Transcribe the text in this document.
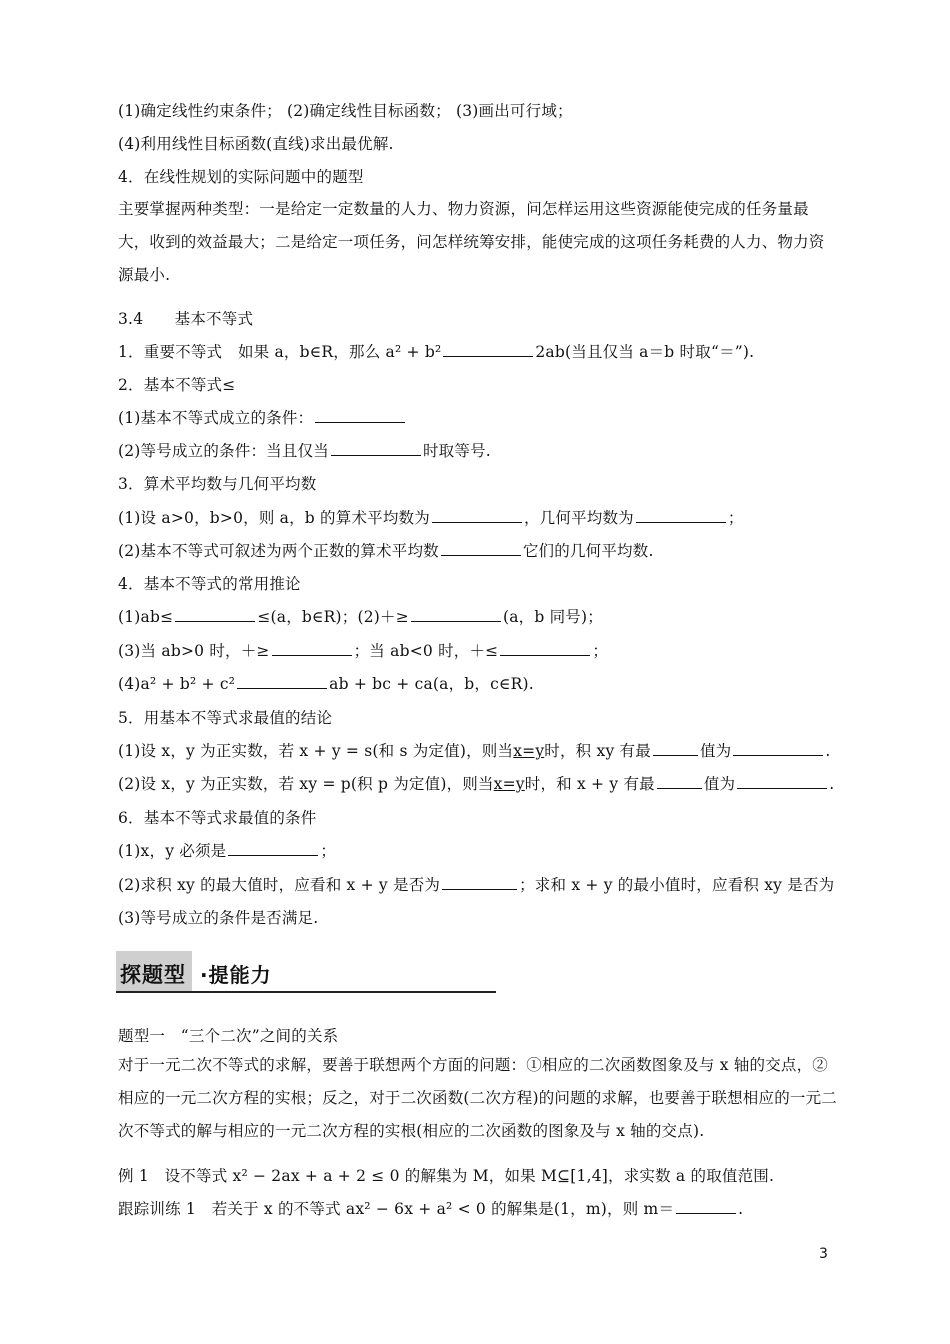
(1)确定线性约束条件； (2)确定线性目标函数； (3)画出可行域；
(4)利用线性目标函数(直线)求出最优解.
4．在线性规划的实际问题中的题型
主要掌握两种类型：一是给定一定数量的人力、物力资源，问怎样运用这些资源能使完成的任务量最大，收到的效益最大；二是给定一项任务，问怎样统筹安排，能使完成的这项任务耗费的人力、物力资源最小.
3.4　　基本不等式
1．重要不等式　如果 a，b∈R，那么 a² + b²	2ab(当且仅当 a＝b 时取“＝”).
2．基本不等式≤
(1)基本不等式成立的条件：
(2)等号成立的条件：当且仅当	时取等号.
3．算术平均数与几何平均数
(1)设 a>0，b>0，则 a，b 的算术平均数为	，几何平均数为	；
(2)基本不等式可叙述为两个正数的算术平均数	它们的几何平均数.
4．基本不等式的常用推论
(1)ab≤	≤(a，b∈R)；(2)＋≥	(a，b 同号)；
(3)当 ab>0 时，＋≥	；当 ab<0 时，＋≤	；
(4)a² + b² + c²	ab + bc + ca(a，b，c∈R).
5．用基本不等式求最值的结论
(1)设 x，y 为正实数，若 x + y = s(和 s 为定值)，则当x=y时，积 xy 有最	值为	.
(2)设 x，y 为正实数，若 xy = p(积 p 为定值)，则当x=y时，和 x + y 有最	值为	.
6．基本不等式求最值的条件
(1)x，y 必须是	；
(2)求积 xy 的最大值时，应看和 x + y 是否为	；求和 x + y 的最小值时，应看积 xy 是否为
(3)等号成立的条件是否满足.
探题型 ·提能力
题型一　“三个二次”之间的关系
对于一元二次不等式的求解，要善于联想两个方面的问题：①相应的二次函数图象及与 x 轴的交点，②相应的一元二次方程的实根；反之，对于二次函数(二次方程)的问题的求解，也要善于联想相应的一元二次不等式的解与相应的一元二次方程的实根(相应的二次函数的图象及与 x 轴的交点).
例 1　设不等式 x² − 2ax + a + 2 ≤ 0 的解集为 M，如果 M⊆[1,4]，求实数 a 的取值范围.
跟踪训练 1　若关于 x 的不等式 ax² − 6x + a² < 0 的解集是(1，m)，则 m＝	.
3
